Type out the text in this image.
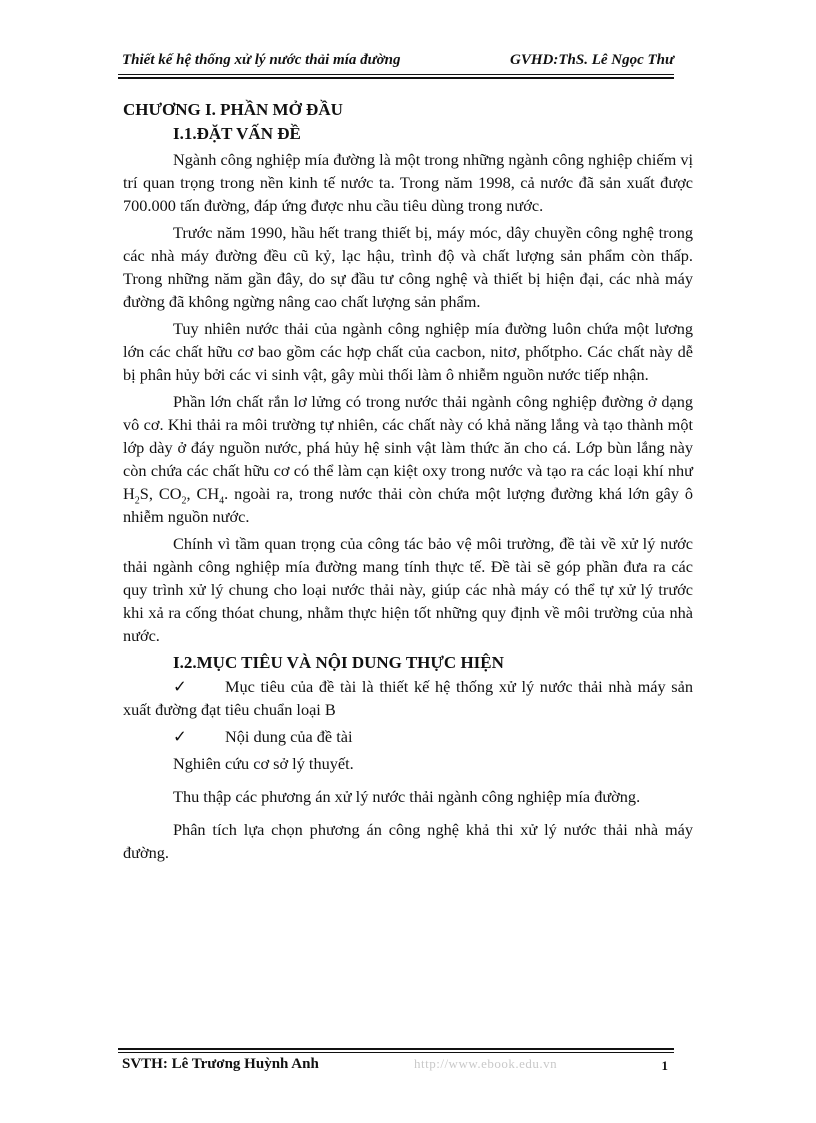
Thiết kế hệ thống xử lý nước thải mía đường	GVHD:ThS. Lê Ngọc Thư
CHƯƠNG I. PHẦN MỞ ĐẦU
I.1.ĐẶT VẤN ĐỀ

Ngành công nghiệp mía đường là một trong những ngành công nghiệp chiếm vị trí quan trọng trong nền kinh tế nước ta. Trong năm 1998, cả nước đã sản xuất được 700.000 tấn đường, đáp ứng được nhu cầu tiêu dùng trong nước.

Trước năm 1990, hầu hết trang thiết bị, máy móc, dây chuyền công nghệ trong các nhà máy đường đều cũ kỷ, lạc hậu, trình độ và chất lượng sản phẩm còn thấp. Trong những năm gần đây, do sự đầu tư công nghệ và thiết bị hiện đại, các nhà máy đường đã không ngừng nâng cao chất lượng sản phẩm.

Tuy nhiên nước thải của ngành công nghiệp mía đường luôn chứa một lương lớn các chất hữu cơ bao gồm các hợp chất của cacbon, nitơ, phốtpho. Các chất này dễ bị phân hủy bởi các vi sinh vật, gây mùi thối làm ô nhiễm nguồn nước tiếp nhận.

Phần lớn chất rắn lơ lửng có trong nước thải ngành công nghiệp đường ở dạng vô cơ. Khi thải ra môi trường tự nhiên, các chất này có khả năng lắng và tạo thành một lớp dày ở đáy nguồn nước, phá hủy hệ sinh vật làm thức ăn cho cá. Lớp bùn lắng này còn chứa các chất hữu cơ có thể làm cạn kiệt oxy trong nước và tạo ra các loại khí như $H_2S$, $CO_2$, $CH_4$. ngoài ra, trong nước thải còn chứa một lượng đường khá lớn gây ô nhiễm nguồn nước.

Chính vì tầm quan trọng của công tác bảo vệ môi trường, đề tài về xử lý nước thải ngành công nghiệp mía đường mang tính thực tế. Đề tài sẽ góp phần đưa ra các quy trình xử lý chung cho loại nước thải này, giúp các nhà máy có thể tự xử lý trước khi xả ra cống thóat chung, nhằm thực hiện tốt những quy định về môi trường của nhà nước.

I.2.MỤC TIÊU VÀ NỘI DUNG THỰC HIỆN
✓ Mục tiêu của đề tài là thiết kế hệ thống xử lý nước thải nhà máy sản xuất đường đạt tiêu chuẩn loại B
✓ Nội dung của đề tài

Nghiên cứu cơ sở lý thuyết.

Thu thập các phương án xử lý nước thải ngành công nghiệp mía đường.

Phân tích lựa chọn phương án công nghệ khả thi xử lý nước thải nhà máy đường.

SVTH: Lê Trương Huỳnh Anh	http://www.ebook.edu.vn	1
